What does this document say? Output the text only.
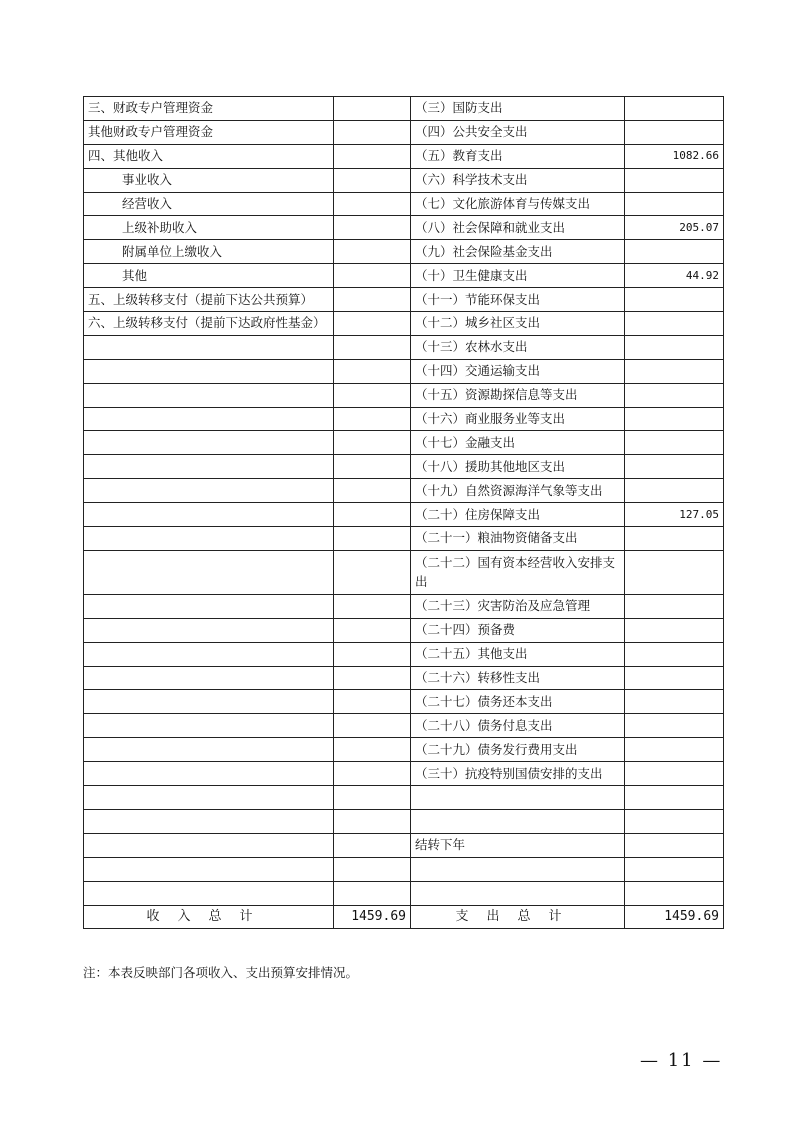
三、财政专户管理资金		（三）国防支出	
其他财政专户管理资金		（四）公共安全支出	
四、其他收入		（五）教育支出	1082.66
事业收入		（六）科学技术支出	
经营收入		（七）文化旅游体育与传媒支出	
上级补助收入		（八）社会保障和就业支出	205.07
附属单位上缴收入		（九）社会保险基金支出	
其他		（十）卫生健康支出	44.92
五、上级转移支付（提前下达公共预算）		（十一）节能环保支出	
六、上级转移支付（提前下达政府性基金）		（十二）城乡社区支出	
		（十三）农林水支出	
		（十四）交通运输支出	
		（十五）资源勘探信息等支出	
		（十六）商业服务业等支出	
		（十七）金融支出	
		（十八）援助其他地区支出	
		（十九）自然资源海洋气象等支出	
		（二十）住房保障支出	127.05
		（二十一）粮油物资储备支出	
		（二十二）国有资本经营收入安排支出	
		（二十三）灾害防治及应急管理	
		（二十四）预备费	
		（二十五）其他支出	
		（二十六）转移性支出	
		（二十七）债务还本支出	
		（二十八）债务付息支出	
		（二十九）债务发行费用支出	
		（三十）抗疫特别国债安排的支出	

		结转下年	

收入总计	1459.69	支出总计	1459.69
注：本表反映部门各项收入、支出预算安排情况。
— 11 —
